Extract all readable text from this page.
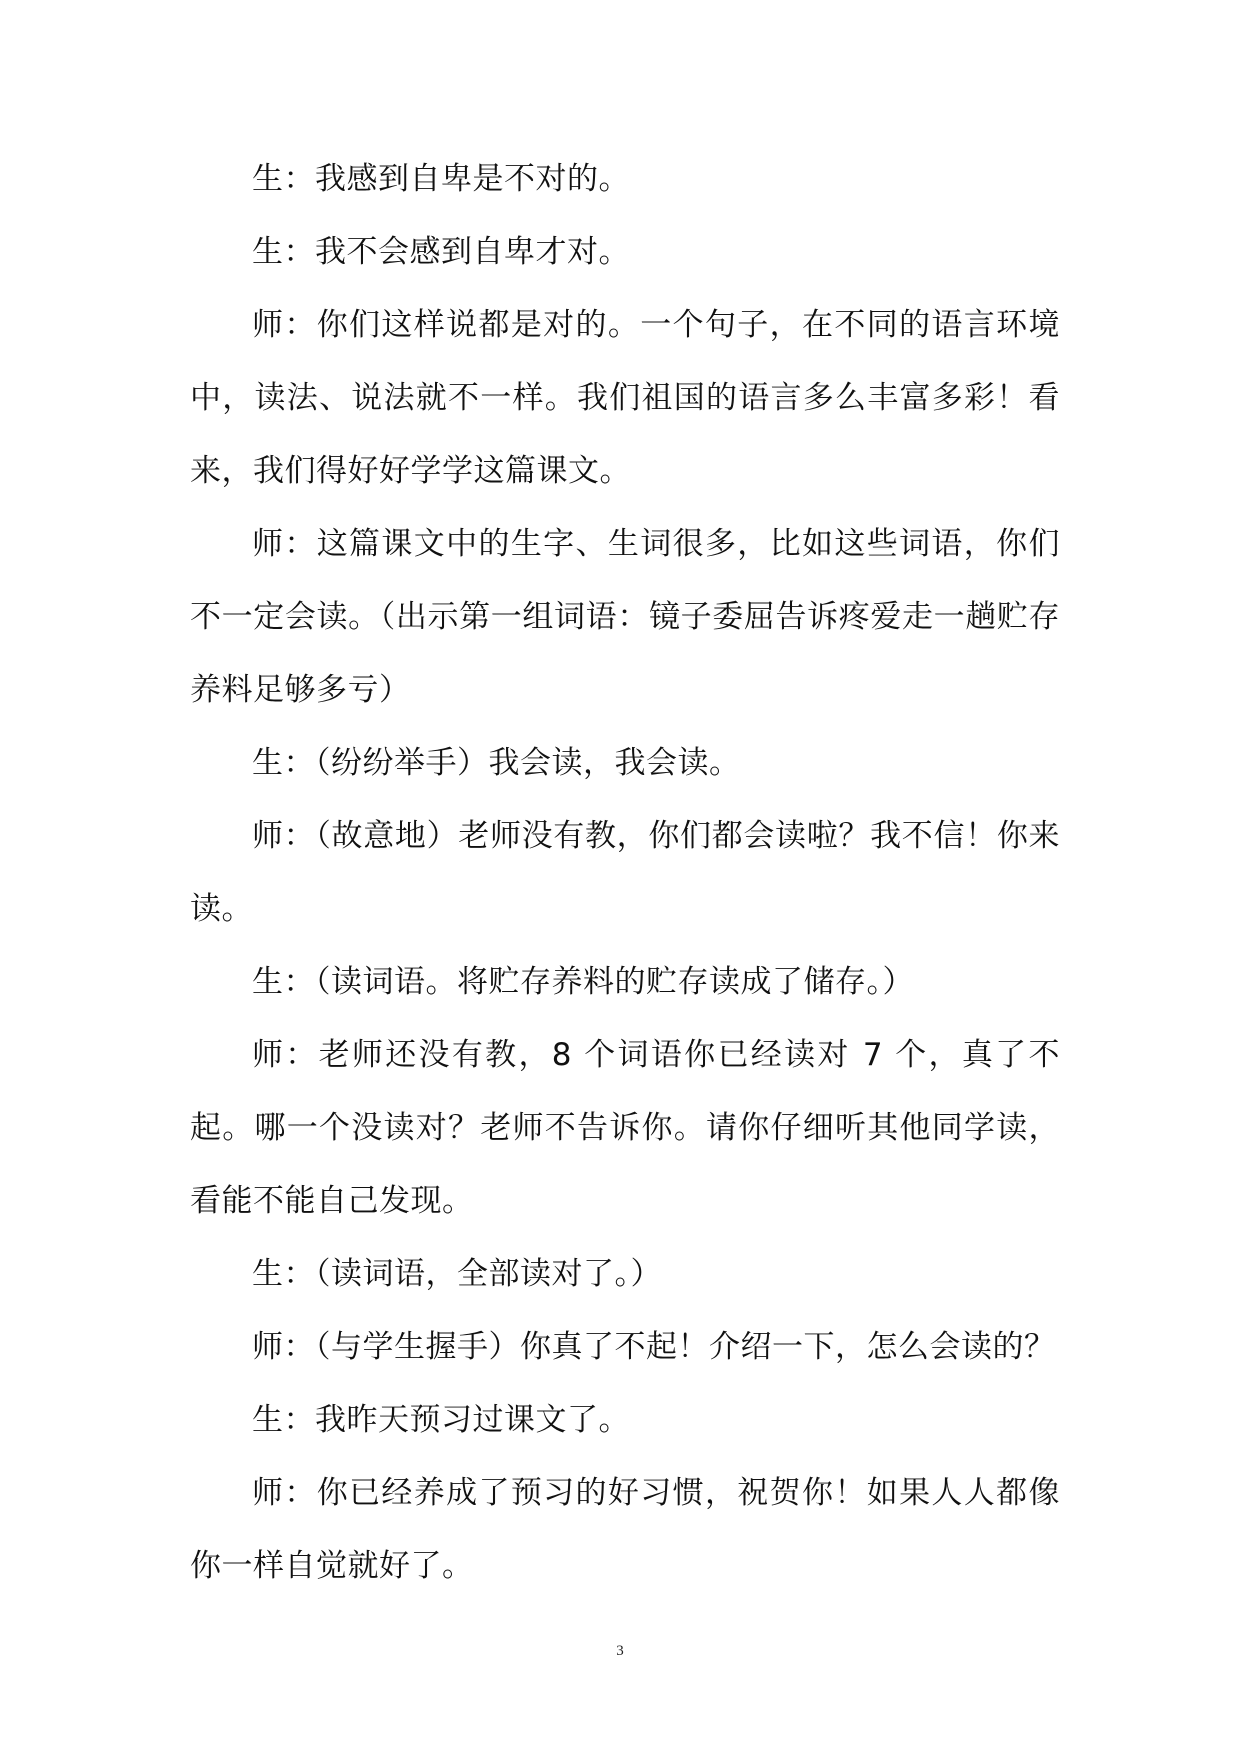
生：我感到自卑是不对的。

生：我不会感到自卑才对。

师：你们这样说都是对的。一个句子，在不同的语言环境中，读法、说法就不一样。我们祖国的语言多么丰富多彩！看来，我们得好好学学这篇课文。

师：这篇课文中的生字、生词很多，比如这些词语，你们不一定会读。（出示第一组词语：镜子委屈告诉疼爱走一趟贮存养料足够多亏）

生：（纷纷举手）我会读，我会读。

师：（故意地）老师没有教，你们都会读啦？我不信！你来读。

生：（读词语。将贮存养料的贮存读成了储存。）

师：老师还没有教，8 个词语你已经读对 7 个，真了不起。哪一个没读对？老师不告诉你。请你仔细听其他同学读，看能不能自己发现。

生：（读词语，全部读对了。）

师：（与学生握手）你真了不起！介绍一下，怎么会读的？

生：我昨天预习过课文了。

师：你已经养成了预习的好习惯，祝贺你！如果人人都像你一样自觉就好了。

3
